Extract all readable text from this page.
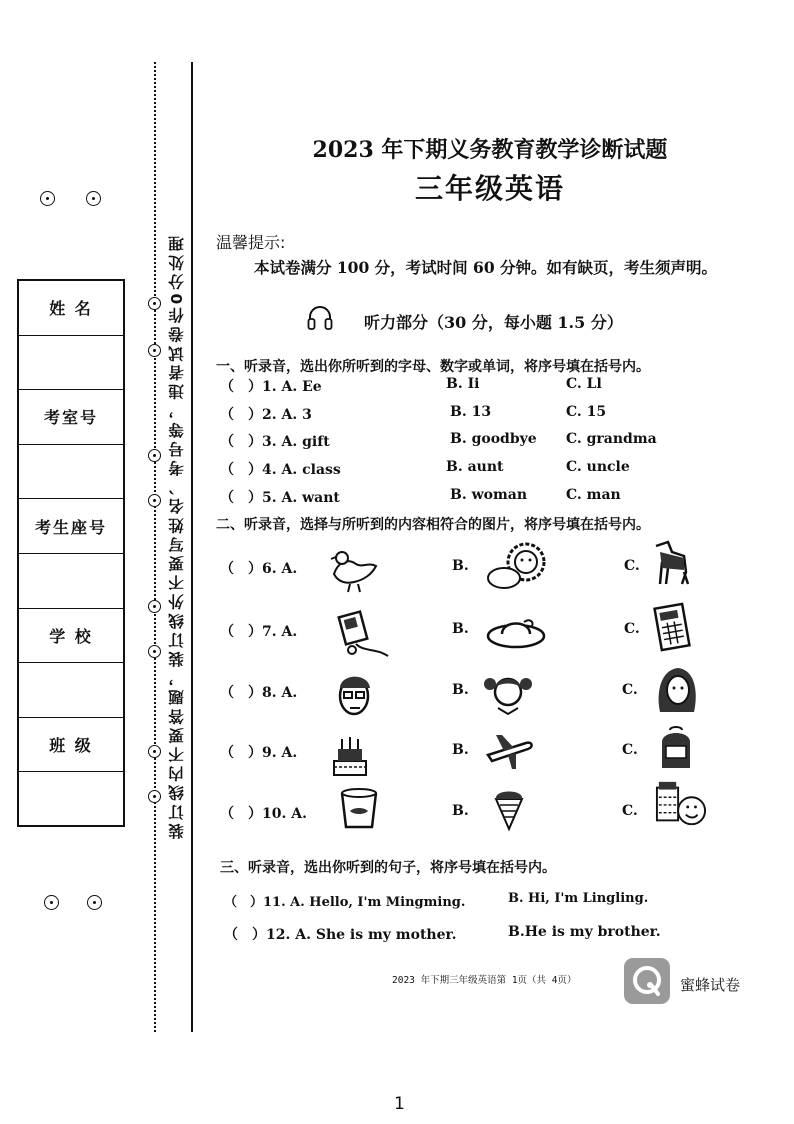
姓 名
考室号
考生座号
学 校
班 级	装订线内不要答题，装订线外不要写姓名、考号等，违者试卷作0分处理
2023 年下期义务教育教学诊断试题
三年级英语
温馨提示:
本试卷满分 100 分，考试时间 60 分钟。如有缺页，考生须声明。
听力部分（30 分，每小题 1.5 分）
一、听录音，选出你所听到的字母、数字或单词，将序号填在括号内。
（　）1. A. Ee	B. Ii	C. Ll
（　）2. A. 3	B. 13	C. 15
（　）3. A. gift	B. goodbye C. grandma
（　）4. A. class	B. aunt	C. uncle
（　）5. A. want	B. woman	C. man
二、听录音，选择与所听到的内容相符合的图片，将序号填在括号内。
（　）6. A.	B.	C.
（　）7. A.	B.	C.
（　）8. A.	B.	C.
（　）9. A.	B.	C.
（　）10. A.	B.	C.
三、听录音，选出你听到的句子，将序号填在括号内。
（　）11. A. Hello, I'm Mingming.	B. Hi, I'm Lingling.
（　）12. A. She is my mother.	B.He is my brother.
2023 年下期三年级英语第 1页（共 4页）	蜜蜂试卷
1
